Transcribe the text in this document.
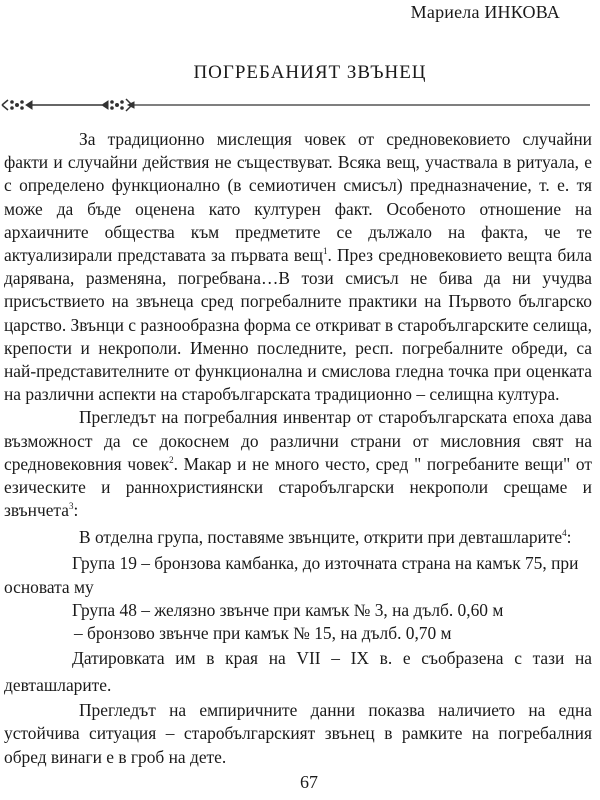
Мариела ИНКОВА
ПОГРЕБАНИЯТ ЗВЪНЕЦ

За традиционно мислещия човек от средновековието случайни факти и случайни действия не съществуват. Всяка вещ, участвала в ритуала, е с определено функционално (в семиотичен смисъл) предназначение, т. е. тя може да бъде оценена като културен факт. Особеното отношение на архаичните общества към предметите се дължало на факта, че те актуализирали представата за първата вещ$^1$. През средновековието вещта била дарявана, разменяна, погребвана…В този смисъл не бива да ни учудва присъствието на звънеца сред погребалните практики на Първото българско царство. Звънци с разнообразна форма се откриват в старобългарските селища, крепости и некрополи. Именно последните, респ. погребалните обреди, са най-представителните от функционална и смислова гледна точка при оценката на различни аспекти на старобългарската традиционно – селищна култура.

Прегледът на погребалния инвентар от старобългарската епоха дава възможност да се докоснем до различни страни от мисловния свят на средновековния човек$^2$. Макар и не много често, сред " погребаните вещи" от езическите и раннохристиянски старобългарски некрополи срещаме и звънчета$^3$:

В отделна група, поставяме звънците, открити при девташларите$^4$:

Група 19 – бронзова камбанка, до източната страна на камък 75, при основата му

Група 48 – желязно звънче при камък № 3, на дълб. 0,60 м

– бронзово звънче при камък № 15, на дълб. 0,70 м

Датировката им в края на VII – IX в. е съобразена с тази на девташларите.

Прегледът на емпиричните данни показва наличието на една устойчива ситуация – старобългарският звънец в рамките на погребалния обред винаги е в гроб на дете.

67
